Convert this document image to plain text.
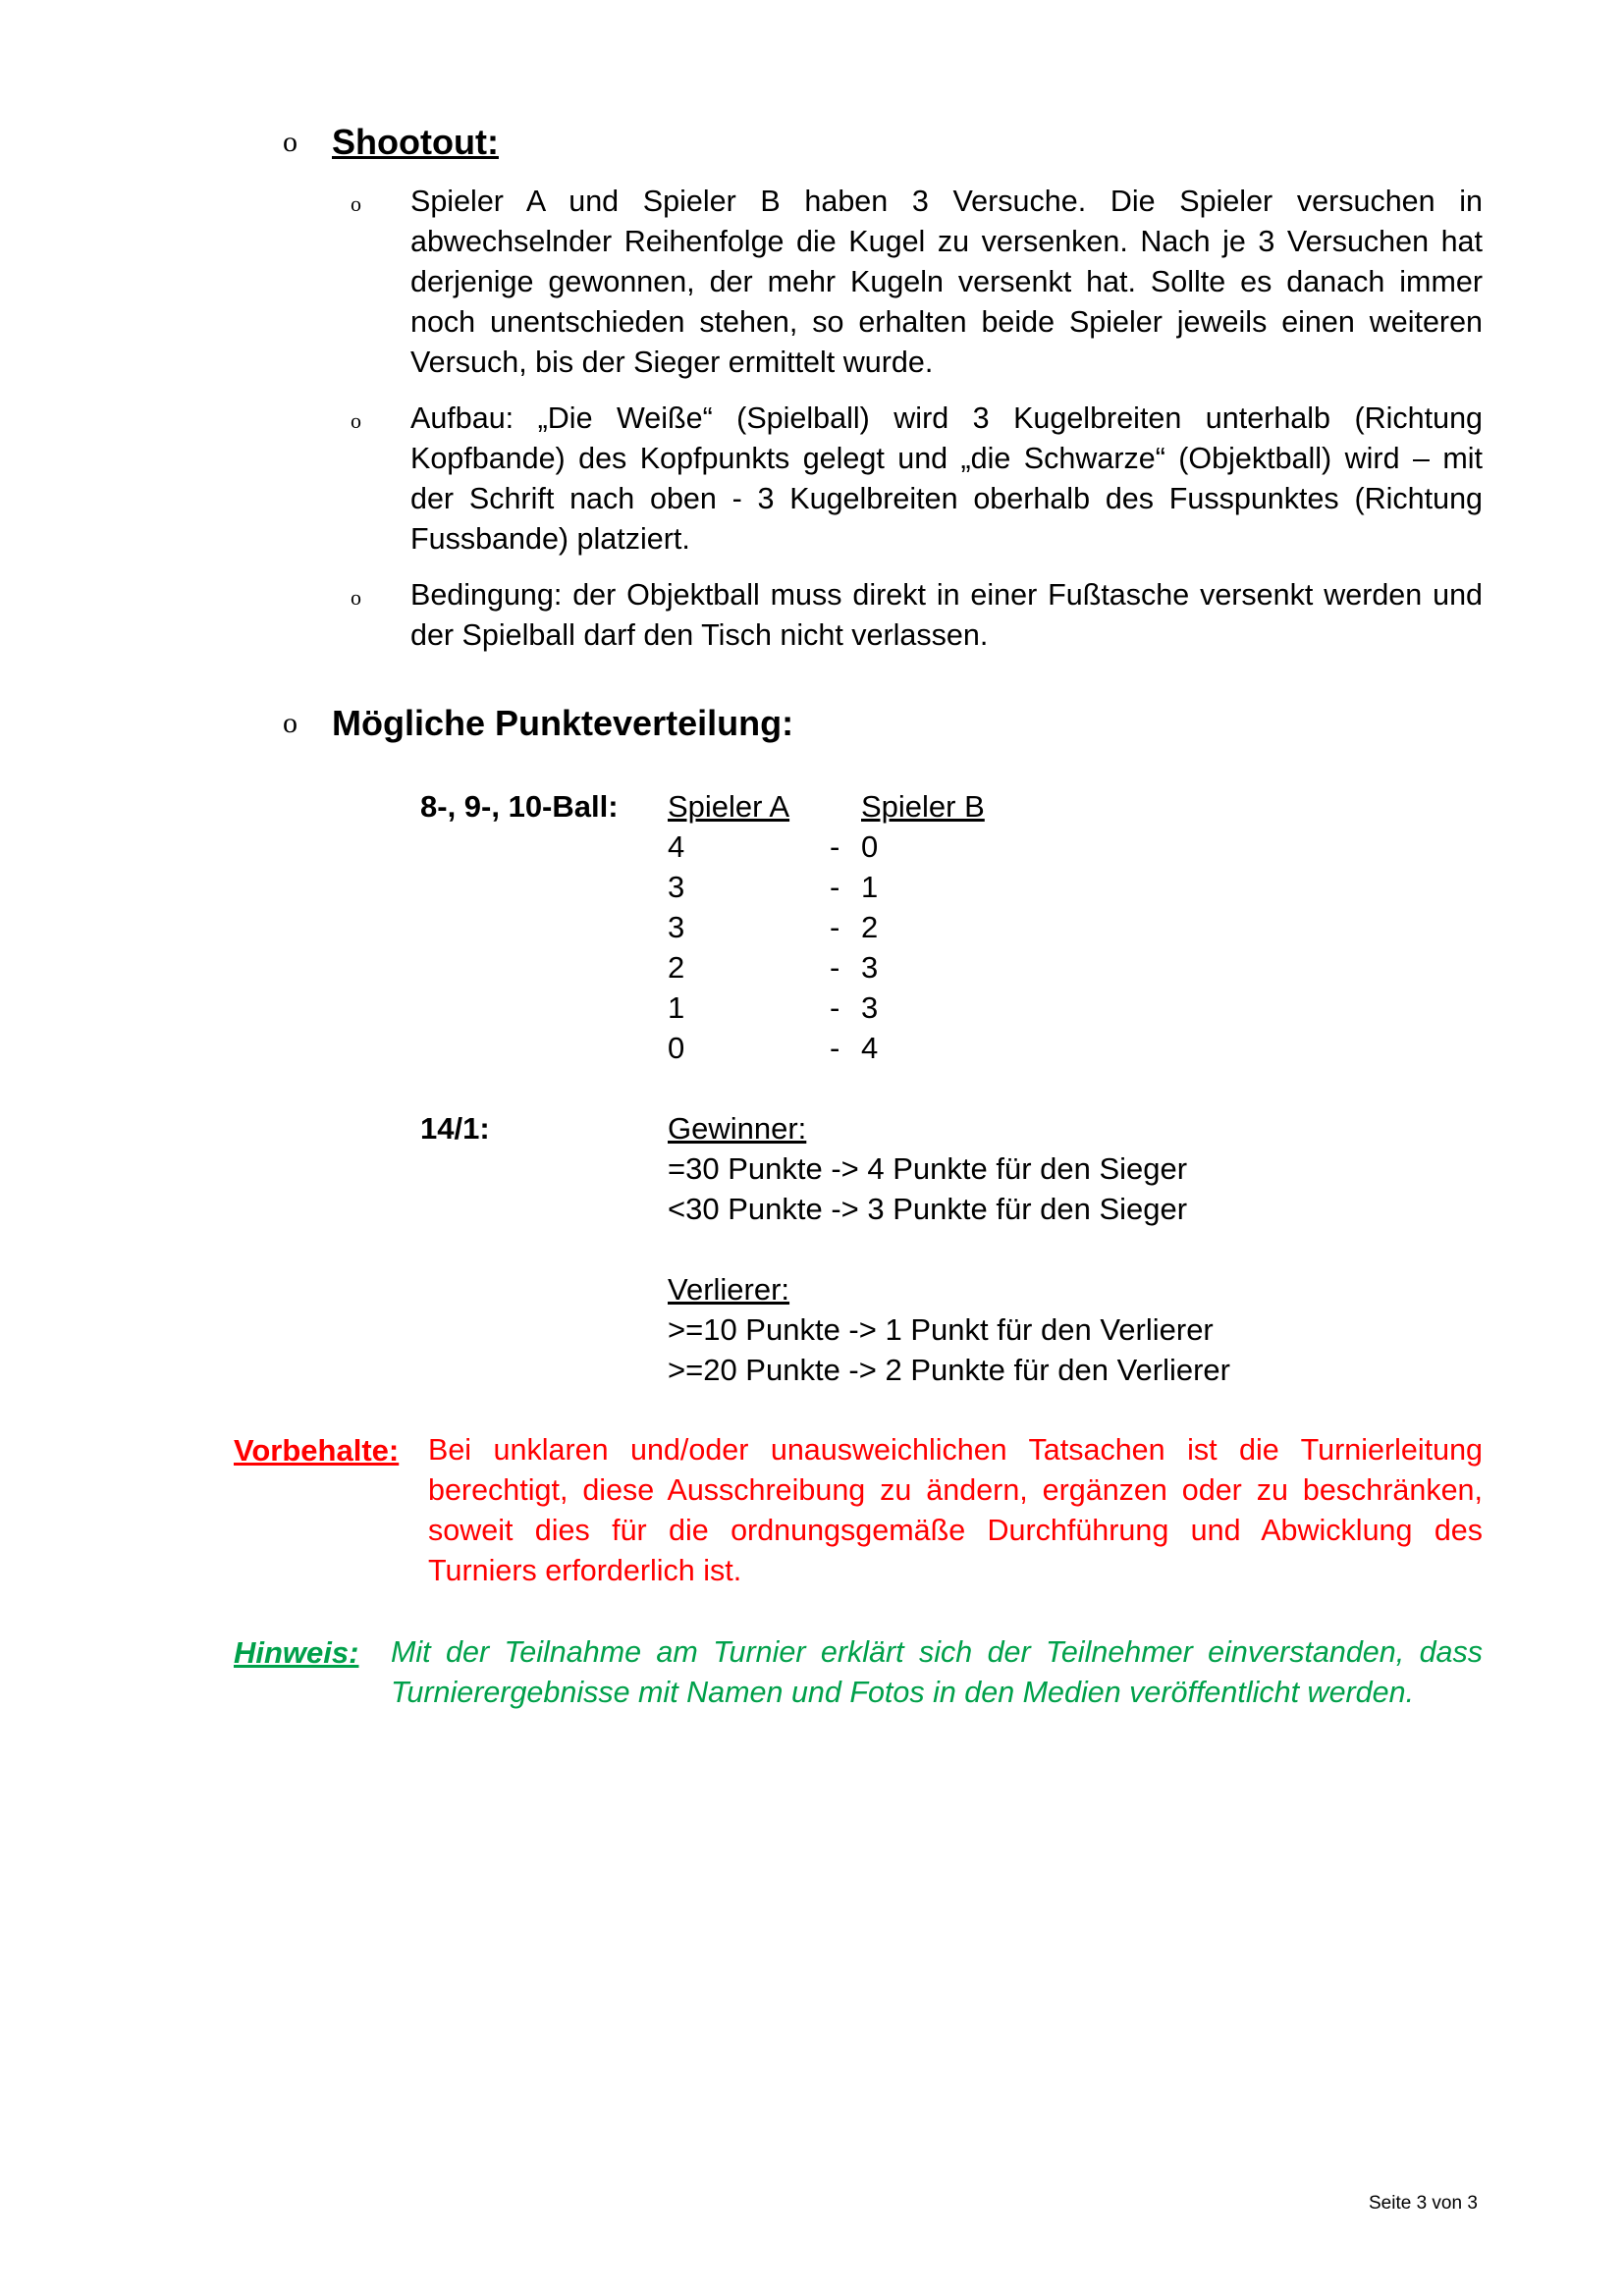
o Shootout:
o Spieler A und Spieler B haben 3 Versuche. Die Spieler versuchen in abwechselnder Reihenfolge die Kugel zu versenken. Nach je 3 Versuchen hat derjenige gewonnen, der mehr Kugeln versenkt hat. Sollte es danach immer noch unentschieden stehen, so erhalten beide Spieler jeweils einen weiteren Versuch, bis der Sieger ermittelt wurde.
o Aufbau: „Die Weiße“ (Spielball) wird 3 Kugelbreiten unterhalb (Richtung Kopfbande) des Kopfpunkts gelegt und „die Schwarze“ (Objektball) wird – mit der Schrift nach oben - 3 Kugelbreiten oberhalb des Fusspunktes (Richtung Fussbande) platziert.
o Bedingung: der Objektball muss direkt in einer Fußtasche versenkt werden und der Spielball darf den Tisch nicht verlassen.
o Mögliche Punkteverteilung:
8-, 9-, 10-Ball: Spieler A Spieler B
4	- 0
3	- 1
3	- 2
2	- 3
1	- 3
0	- 4
14/1:	Gewinner:
=30 Punkte -> 4 Punkte für den Sieger
<30 Punkte -> 3 Punkte für den Sieger
Verlierer:
>=10 Punkte -> 1 Punkt für den Verlierer
>=20 Punkte -> 2 Punkte für den Verlierer
Vorbehalte: Bei unklaren und/oder unausweichlichen Tatsachen ist die Turnierleitung berechtigt, diese Ausschreibung zu ändern, ergänzen oder zu beschränken, soweit dies für die ordnungsgemäße Durchführung und Abwicklung des Turniers erforderlich ist.
Hinweis: Mit der Teilnahme am Turnier erklärt sich der Teilnehmer einverstanden, dass Turnierergebnisse mit Namen und Fotos in den Medien veröffentlicht werden.
Seite 3 von 3
